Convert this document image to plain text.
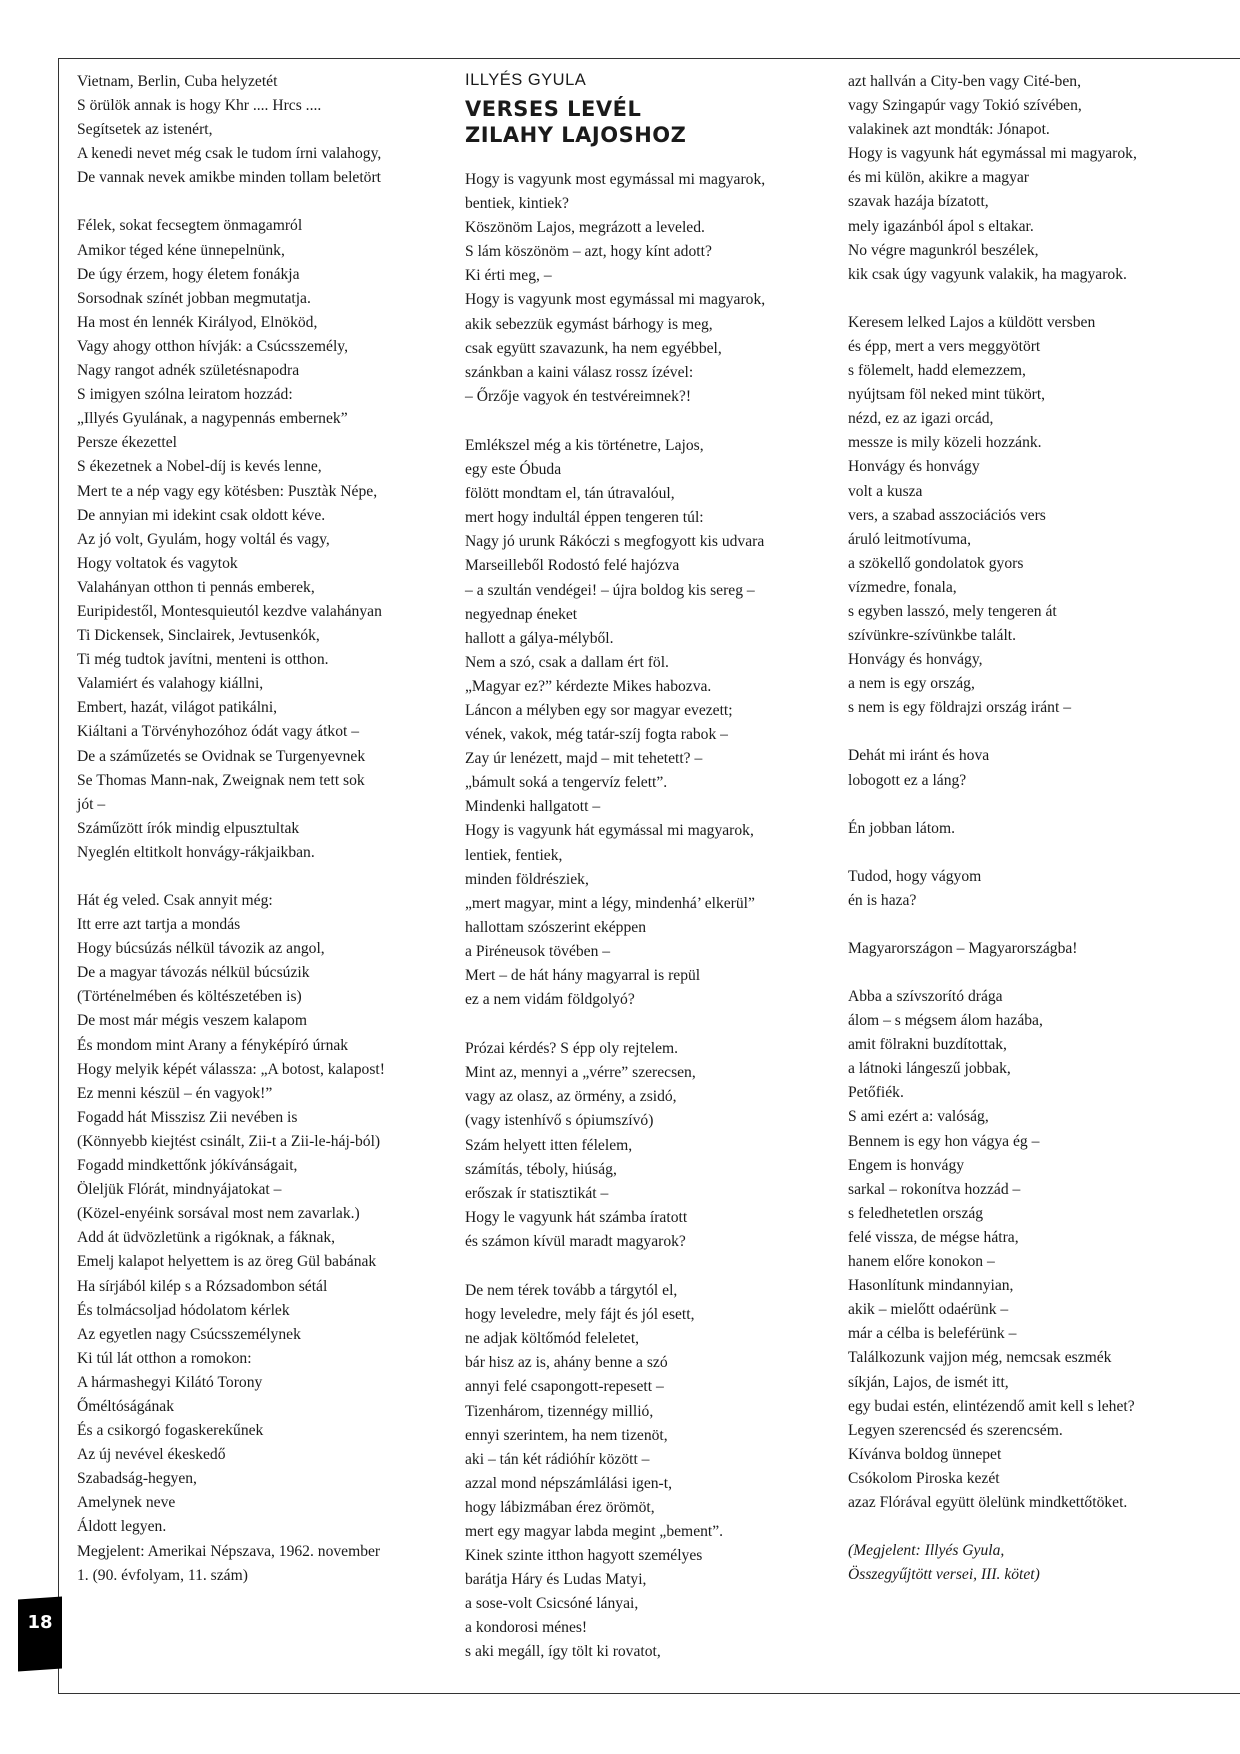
Vietnam, Berlin, Cuba helyzetét
S örülök annak is hogy Khr .... Hrcs ....
Segítsetek az istenért,
A kenedi nevet még csak le tudom írni valahogy,
De vannak nevek amikbe minden tollam beletört
Félek, sokat fecsegtem önmagamról
Amikor téged kéne ünnepelnünk,
De úgy érzem, hogy életem fonákja
Sorsodnak színét jobban megmutatja.
Ha most én lennék Királyod, Elnököd,
Vagy ahogy otthon hívják: a Csúcsszemély,
Nagy rangot adnék születésnapodra
S imigyen szólna leiratom hozzád:
„Illyés Gyulának, a nagypennás embernek”
Persze ékezettel
S ékezetnek a Nobel-díj is kevés lenne,
Mert te a nép vagy egy kötésben: Pusztàk Népe,
De annyian mi idekint csak oldott kéve.
Az jó volt, Gyulám, hogy voltál és vagy,
Hogy voltatok és vagytok
Valahányan otthon ti pennás emberek,
Euripidestől, Montesquieutól kezdve valahányan
Ti Dickensek, Sinclairek, Jevtusenkók,
Ti még tudtok javítni, menteni is otthon.
Valamiért és valahogy kiállni,
Embert, hazát, világot patikálni,
Kiáltani a Törvényhozóhoz ódát vagy átkot –
De a száműzetés se Ovidnak se Turgenyevnek
Se Thomas Mann-nak, Zweignak nem tett sok
jót –
Száműzött írók mindig elpusztultak
Nyeglén eltitkolt honvágy-rákjaikban.
Hát ég veled. Csak annyit még:
Itt erre azt tartja a mondás
Hogy búcsúzás nélkül távozik az angol,
De a magyar távozás nélkül búcsúzik
(Történelmében és költészetében is)
De most már mégis veszem kalapom
És mondom mint Arany a fényképíró úrnak
Hogy melyik képét válassza: „A botost, kalapost!
Ez menni készül – én vagyok!”
Fogadd hát Misszisz Zii nevében is
(Könnyebb kiejtést csinált, Zii-t a Zii-le-háj-ból)
Fogadd mindkettőnk jókívánságait,
Öleljük Flórát, mindnyájatokat –
(Közel-enyéink sorsával most nem zavarlak.)
Add át üdvözletünk a rigóknak, a fáknak,
Emelj kalapot helyettem is az öreg Gül babának
Ha sírjából kilép s a Rózsadombon sétál
És tolmácsoljad hódolatom kérlek
Az egyetlen nagy Csúcsszemélynek
Ki túl lát otthon a romokon:
A hármashegyi Kilátó Torony
Őméltóságának
És a csikorgó fogaskerekűnek
Az új nevével ékeskedő
Szabadság-hegyen,
Amelynek neve
Áldott legyen.
Megjelent: Amerikai Népszava, 1962. november
1. (90. évfolyam, 11. szám)
ILLYÉS GYULA
VERSES LEVÉL
ZILAHY LAJOSHOZ
Hogy is vagyunk most egymással mi magyarok,
bentiek, kintiek?
Köszönöm Lajos, megrázott a leveled.
S lám köszönöm – azt, hogy kínt adott?
Ki érti meg, –
Hogy is vagyunk most egymással mi magyarok,
akik sebezzük egymást bárhogy is meg,
csak együtt szavazunk, ha nem egyébbel,
szánkban a kaini válasz rossz ízével:
– Őrzője vagyok én testvéreimnek?!
Emlékszel még a kis történetre, Lajos,
egy este Óbuda
fölött mondtam el, tán útravalóul,
mert hogy indultál éppen tengeren túl:
Nagy jó urunk Rákóczi s megfogyott kis udvara
Marseilleből Rodostó felé hajózva
– a szultán vendégei! – újra boldog kis sereg –
negyednap éneket
hallott a gálya-mélyből.
Nem a szó, csak a dallam ért föl.
„Magyar ez?” kérdezte Mikes habozva.
Láncon a mélyben egy sor magyar evezett;
vének, vakok, még tatár-szíj fogta rabok –
Zay úr lenézett, majd – mit tehetett? –
„bámult soká a tengervíz felett”.
Mindenki hallgatott –
Hogy is vagyunk hát egymással mi magyarok,
lentiek, fentiek,
minden földrésziek,
„mert magyar, mint a légy, mindenhá’ elkerül”
hallottam szószerint eképpen
a Piréneusok tövében –
Mert – de hát hány magyarral is repül
ez a nem vidám földgolyó?
Prózai kérdés? S épp oly rejtelem.
Mint az, mennyi a „vérre” szerecsen,
vagy az olasz, az örmény, a zsidó,
(vagy istenhívő s ópiumszívó)
Szám helyett itten félelem,
számítás, téboly, hiúság,
erőszak ír statisztikát –
Hogy le vagyunk hát számba íratott
és számon kívül maradt magyarok?
De nem térek tovább a tárgytól el,
hogy leveledre, mely fájt és jól esett,
ne adjak költőmód feleletet,
bár hisz az is, ahány benne a szó
annyi felé csapongott-repesett –
Tizenhárom, tizennégy millió,
ennyi szerintem, ha nem tizenöt,
aki – tán két rádióhír között –
azzal mond népszámlálási igen-t,
hogy lábizmában érez örömöt,
mert egy magyar labda megint „bement”.
Kinek szinte itthon hagyott személyes
barátja Háry és Ludas Matyi,
a sose-volt Csicsóné lányai,
a kondorosi ménes!
s aki megáll, így tölt ki rovatot,
azt hallván a City-ben vagy Cité-ben,
vagy Szingapúr vagy Tokió szívében,
valakinek azt mondták: Jónapot.
Hogy is vagyunk hát egymással mi magyarok,
és mi külön, akikre a magyar
szavak hazája bízatott,
mely igazánból ápol s eltakar.
No végre magunkról beszélek,
kik csak úgy vagyunk valakik, ha magyarok.
Keresem lelked Lajos a küldött versben
és épp, mert a vers meggyötört
s fölemelt, hadd elemezzem,
nyújtsam föl neked mint tükört,
nézd, ez az igazi orcád,
messze is mily közeli hozzánk.
Honvágy és honvágy
volt a kusza
vers, a szabad asszociációs vers
áruló leitmotívuma,
a szökellő gondolatok gyors
vízmedre, fonala,
s egyben lasszó, mely tengeren át
szívünkre-szívünkbe talált.
Honvágy és honvágy,
a nem is egy ország,
s nem is egy földrajzi ország iránt –
Dehát mi iránt és hova
lobogott ez a láng?
Én jobban látom.
Tudod, hogy vágyom
én is haza?
Magyarországon – Magyarországba!
Abba a szívszorító drága
álom – s mégsem álom hazába,
amit fölrakni buzdítottak,
a látnoki lángeszű jobbak,
Petőfiék.
S ami ezért a: valóság,
Bennem is egy hon vágya ég –
Engem is honvágy
sarkal – rokonítva hozzád –
s feledhetetlen ország
felé vissza, de mégse hátra,
hanem előre konokon –
Hasonlítunk mindannyian,
akik – mielőtt odaérünk –
már a célba is beleférünk –
Találkozunk vajjon még, nemcsak eszmék
síkján, Lajos, de ismét itt,
egy budai estén, elintézendő amit kell s lehet?
Legyen szerencséd és szerencsém.
Kívánva boldog ünnepet
Csókolom Piroska kezét
azaz Flórával együtt ölelünk mindkettőtöket.
(Megjelent: Illyés Gyula,
Összegyűjtött versei, III. kötet)
18
